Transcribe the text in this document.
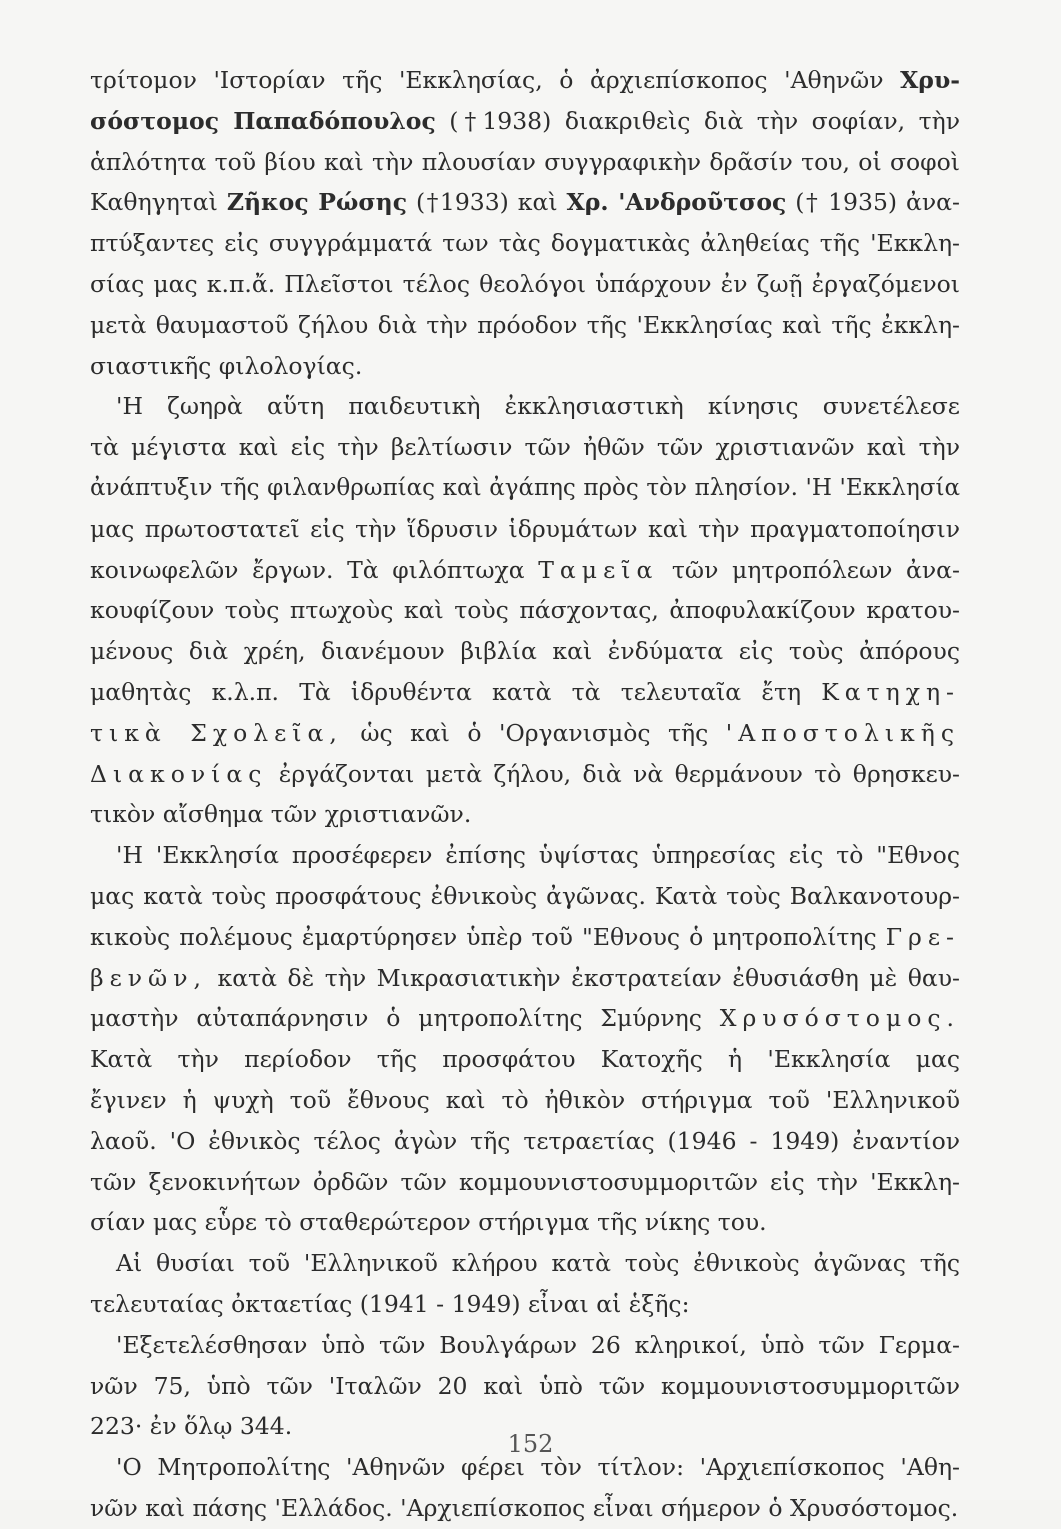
τρίτομον 'Ιστορίαν τῆς 'Εκκλησίας, ὁ ἀρχιεπίσκοπος 'Αθηνῶν Χρυ-
σόστομος Παπαδόπουλος (†1938) διακριθεὶς διὰ τὴν σοφίαν, τὴν
ἁπλότητα τοῦ βίου καὶ τὴν πλουσίαν συγγραφικὴν δρᾶσίν του, οἱ σοφοὶ
Καθηγηταὶ Ζῆκος Ρώσης (†1933) καὶ Χρ. 'Ανδροῦτσος († 1935) ἀνα-
πτύξαντες εἰς συγγράμματά των τὰς δογματικὰς ἀληθείας τῆς 'Εκκλη-
σίας μας κ.π.ἄ. Πλεῖστοι τέλος θεολόγοι ὑπάρχουν ἐν ζωῇ ἐργαζόμενοι
μετὰ θαυμαστοῦ ζήλου διὰ τὴν πρόοδον τῆς 'Εκκλησίας καὶ τῆς ἐκκλη-
σιαστικῆς φιλολογίας.
'Η ζωηρὰ αὕτη παιδευτικὴ ἐκκλησιαστικὴ κίνησις συνετέλεσε
τὰ μέγιστα καὶ εἰς τὴν βελτίωσιν τῶν ἠθῶν τῶν χριστιανῶν καὶ τὴν
ἀνάπτυξιν τῆς φιλανθρωπίας καὶ ἀγάπης πρὸς τὸν πλησίον. 'Η 'Εκκλησία
μας πρωτοστατεῖ εἰς τὴν ἵδρυσιν ἱδρυμάτων καὶ τὴν πραγματοποίησιν
κοινωφελῶν ἔργων. Τὰ φιλόπτωχα Ταμεῖα τῶν μητροπόλεων ἀνα-
κουφίζουν τοὺς πτωχοὺς καὶ τοὺς πάσχοντας, ἀποφυλακίζουν κρατου-
μένους διὰ χρέη, διανέμουν βιβλία καὶ ἐνδύματα εἰς τοὺς ἀπόρους
μαθητὰς κ.λ.π. Τὰ ἱδρυθέντα κατὰ τὰ τελευταῖα ἔτη Κατηχη-
τικὰ Σχολεῖα, ὡς καὶ ὁ 'Οργανισμὸς τῆς 'Αποστολικῆς
Διακονίας ἐργάζονται μετὰ ζήλου, διὰ νὰ θερμάνουν τὸ θρησκευ-
τικὸν αἴσθημα τῶν χριστιανῶν.
'Η 'Εκκλησία προσέφερεν ἐπίσης ὑψίστας ὑπηρεσίας εἰς τὸ "Εθνος
μας κατὰ τοὺς προσφάτους ἐθνικοὺς ἀγῶνας. Κατὰ τοὺς Βαλκανοτουρ-
κικοὺς πολέμους ἐμαρτύρησεν ὑπὲρ τοῦ "Εθνους ὁ μητροπολίτης Γρε-
βενῶν, κατὰ δὲ τὴν Μικρασιατικὴν ἐκστρατείαν ἐθυσιάσθη μὲ θαυ-
μαστὴν αὐταπάρνησιν ὁ μητροπολίτης Σμύρνης Χρυσόστομος.
Κατὰ τὴν περίοδον τῆς προσφάτου Κατοχῆς ἡ 'Εκκλησία μας
ἔγινεν ἡ ψυχὴ τοῦ ἔθνους καὶ τὸ ἠθικὸν στήριγμα τοῦ 'Ελληνικοῦ
λαοῦ. 'Ο ἐθνικὸς τέλος ἀγὼν τῆς τετραετίας (1946 - 1949) ἐναντίον
τῶν ξενοκινήτων ὀρδῶν τῶν κομμουνιστοσυμμοριτῶν εἰς τὴν 'Εκκλη-
σίαν μας εὗρε τὸ σταθερώτερον στήριγμα τῆς νίκης του.
Αἱ θυσίαι τοῦ 'Ελληνικοῦ κλήρου κατὰ τοὺς ἐθνικοὺς ἀγῶνας τῆς
τελευταίας ὀκταετίας (1941 - 1949) εἶναι αἱ ἑξῆς:
'Εξετελέσθησαν ὑπὸ τῶν Βουλγάρων 26 κληρικοί, ὑπὸ τῶν Γερμα-
νῶν 75, ὑπὸ τῶν 'Ιταλῶν 20 καὶ ὑπὸ τῶν κομμουνιστοσυμμοριτῶν
223· ἐν ὅλῳ 344.
'Ο Μητροπολίτης 'Αθηνῶν φέρει τὸν τίτλον: 'Αρχιεπίσκοπος 'Αθη-
νῶν καὶ πάσης 'Ελλάδος. 'Αρχιεπίσκοπος εἶναι σήμερον ὁ Χρυσόστομος.
152
